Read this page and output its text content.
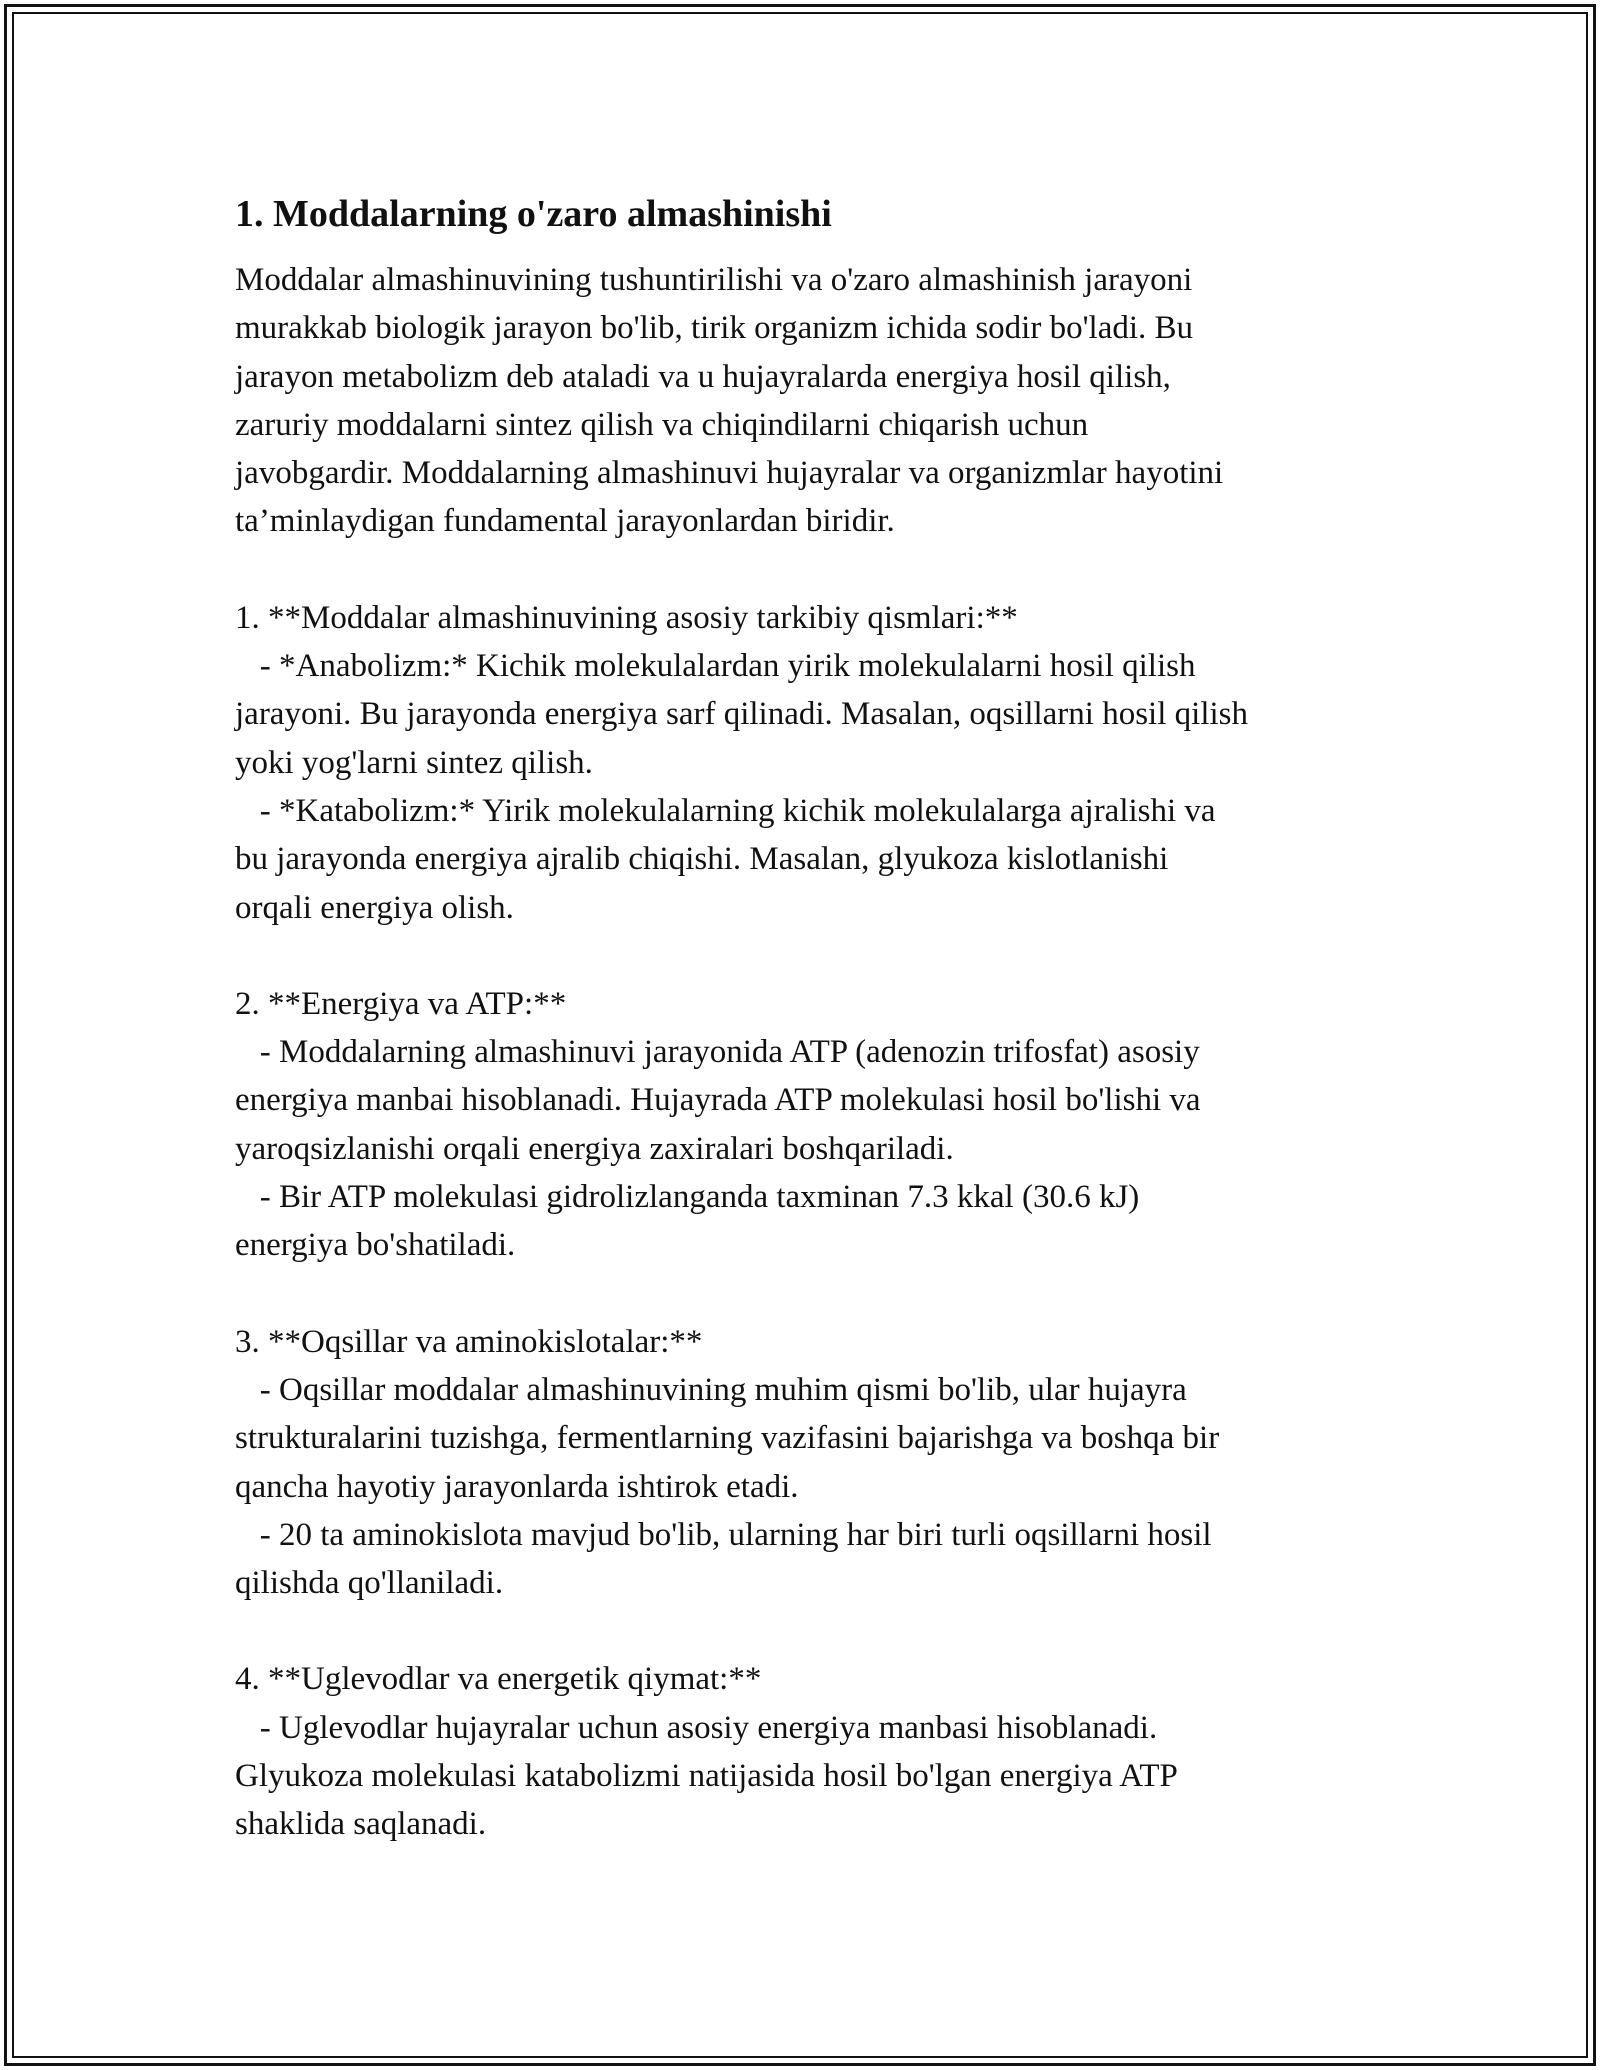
1. Moddalarning o'zaro almashinishi

Moddalar almashinuvining tushuntirilishi va o'zaro almashinish jarayoni
murakkab biologik jarayon bo'lib, tirik organizm ichida sodir bo'ladi. Bu
jarayon metabolizm deb ataladi va u hujayralarda energiya hosil qilish,
zaruriy moddalarni sintez qilish va chiqindilarni chiqarish uchun
javobgardir. Moddalarning almashinuvi hujayralar va organizmlar hayotini
ta’minlaydigan fundamental jarayonlardan biridir.

1. **Moddalar almashinuvining asosiy tarkibiy qismlari:**
- *Anabolizm:* Kichik molekulalardan yirik molekulalarni hosil qilish
jarayoni. Bu jarayonda energiya sarf qilinadi. Masalan, oqsillarni hosil qilish
yoki yog'larni sintez qilish.
- *Katabolizm:* Yirik molekulalarning kichik molekulalarga ajralishi va
bu jarayonda energiya ajralib chiqishi. Masalan, glyukoza kislotlanishi
orqali energiya olish.

2. **Energiya va ATP:**
- Moddalarning almashinuvi jarayonida ATP (adenozin trifosfat) asosiy
energiya manbai hisoblanadi. Hujayrada ATP molekulasi hosil bo'lishi va
yaroqsizlanishi orqali energiya zaxiralari boshqariladi.
- Bir ATP molekulasi gidrolizlanganda taxminan 7.3 kkal (30.6 kJ)
energiya bo'shatiladi.

3. **Oqsillar va aminokislotalar:**
- Oqsillar moddalar almashinuvining muhim qismi bo'lib, ular hujayra
strukturalarini tuzishga, fermentlarning vazifasini bajarishga va boshqa bir
qancha hayotiy jarayonlarda ishtirok etadi.
- 20 ta aminokislota mavjud bo'lib, ularning har biri turli oqsillarni hosil
qilishda qo'llaniladi.

4. **Uglevodlar va energetik qiymat:**
- Uglevodlar hujayralar uchun asosiy energiya manbasi hisoblanadi.
Glyukoza molekulasi katabolizmi natijasida hosil bo'lgan energiya ATP
shaklida saqlanadi.
